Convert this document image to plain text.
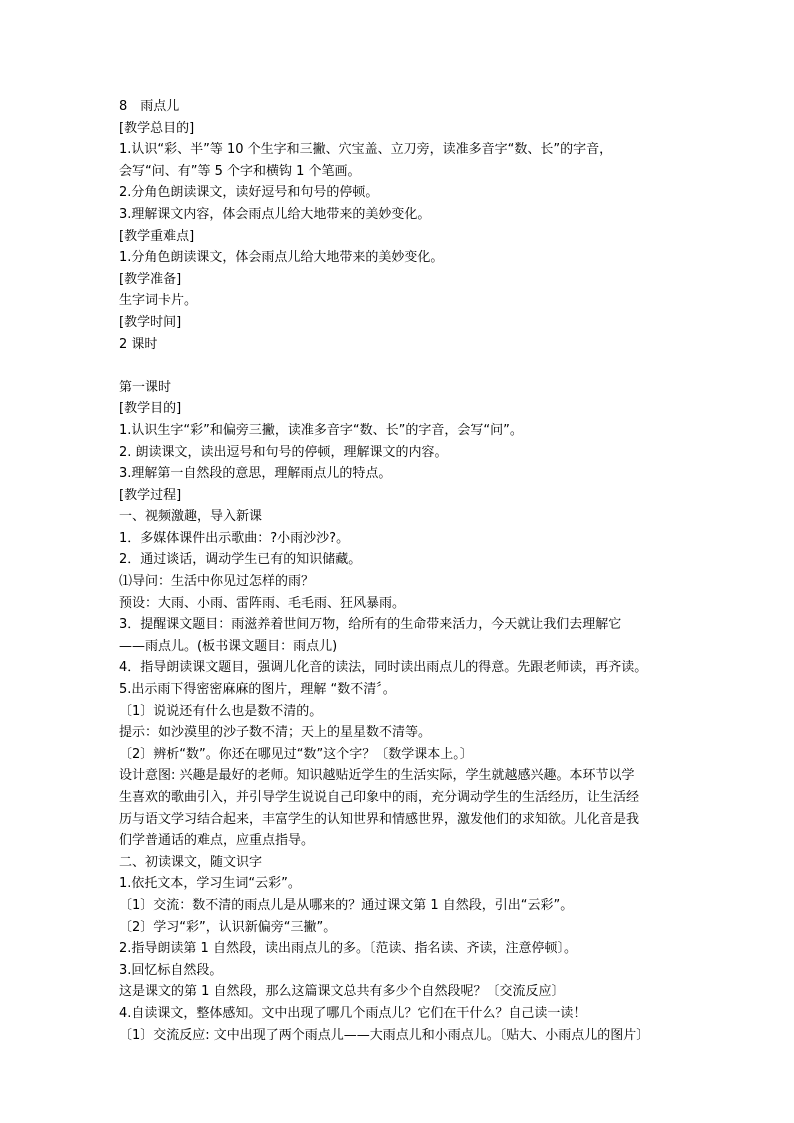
8　雨点儿
[教学总目的]
1.认识“彩、半”等 10 个生字和三撇、穴宝盖、立刀旁，读准多音字“数、长”的字音，
会写“问、有”等 5 个字和横钩 1 个笔画。
2.分角色朗读课文，读好逗号和句号的停顿。
3.理解课文内容，体会雨点儿给大地带来的美妙变化。
[教学重难点]
1.分角色朗读课文，体会雨点儿给大地带来的美妙变化。
[教学准备]
生字词卡片。
[教学时间]
2 课时
第一课时
[教学目的]
1.认识生字“彩”和偏旁三撇，读准多音字“数、长”的字音，会写“问”。
2. 朗读课文，读出逗号和句号的停顿，理解课文的内容。
3.理解第一自然段的意思，理解雨点儿的特点。
[教学过程]
一、视频激趣，导入新课
1．多媒体课件出示歌曲：?小雨沙沙?。
2．通过谈话，调动学生已有的知识储藏。
⑴导问：生活中你见过怎样的雨？
预设：大雨、小雨、雷阵雨、毛毛雨、狂风暴雨。
3．提醒课文题目：雨滋养着世间万物，给所有的生命带来活力，今天就让我们去理解它
——雨点儿。(板书课文题目：雨点儿)
4．指导朗读课文题目，强调儿化音的读法，同时读出雨点儿的得意。先跟老师读，再齐读。
5.出示雨下得密密麻麻的图片，理解 “数不清〞。
〔1〕说说还有什么也是数不清的。
提示：如沙漠里的沙子数不清；天上的星星数不清等。
〔2〕辨析“数”。你还在哪见过“数”这个字？〔数学课本上。〕
设计意图: 兴趣是最好的老师。知识越贴近学生的生活实际，学生就越感兴趣。本环节以学
生喜欢的歌曲引入，并引导学生说说自己印象中的雨，充分调动学生的生活经历，让生活经
历与语文学习结合起来，丰富学生的认知世界和情感世界，激发他们的求知欲。儿化音是我
们学普通话的难点，应重点指导。
二、初读课文，随文识字
1.依托文本，学习生词“云彩”。
〔1〕交流：数不清的雨点儿是从哪来的？通过课文第 1 自然段，引出“云彩”。
〔2〕学习“彩”，认识新偏旁“三撇”。
2.指导朗读第 1 自然段，读出雨点儿的多。〔范读、指名读、齐读，注意停顿〕。
3.回忆标自然段。
这是课文的第 1 自然段，那么这篇课文总共有多少个自然段呢？〔交流反应〕
4.自读课文，整体感知。文中出现了哪几个雨点儿？它们在干什么？自己读一读！
〔1〕交流反应: 文中出现了两个雨点儿——大雨点儿和小雨点儿。〔贴大、小雨点儿的图片〕
